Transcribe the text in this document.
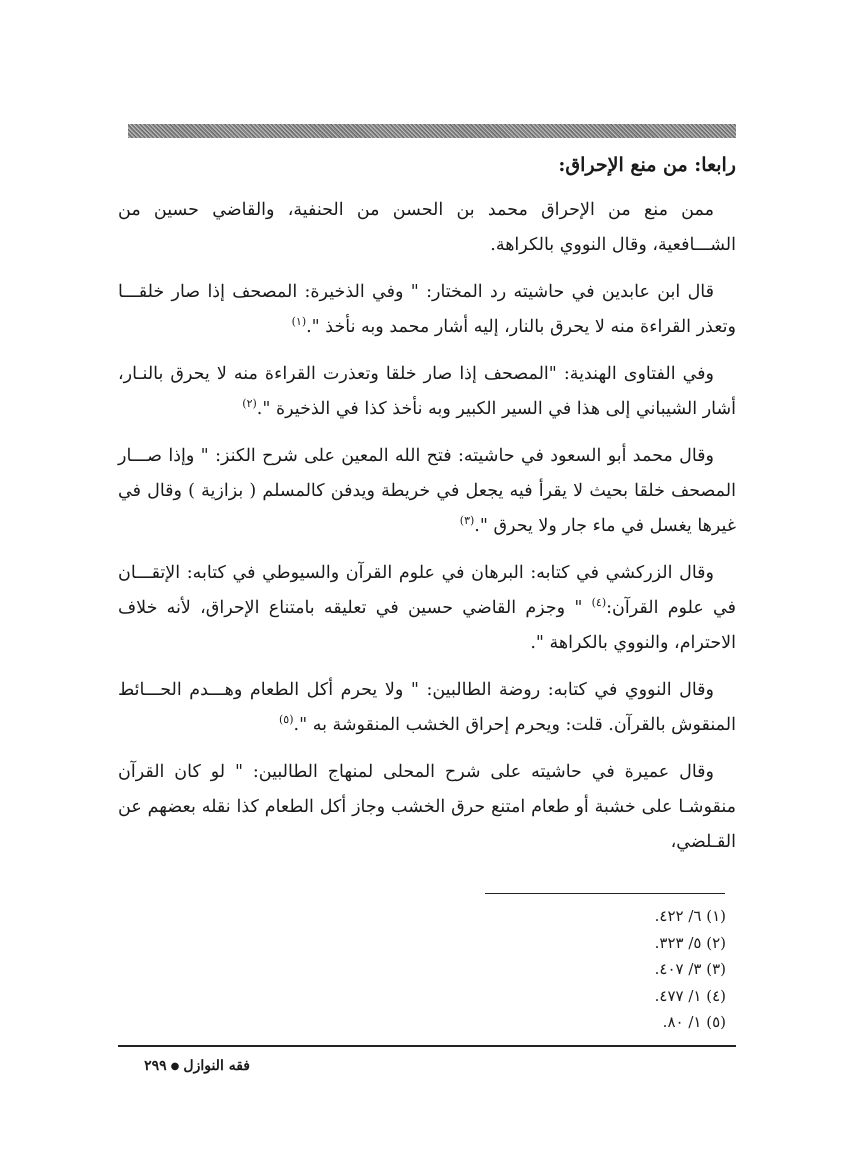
رابعا: من منع الإحراق:

ممن منع من الإحراق محمد بن الحسن من الحنفية، والقاضي حسين من الشـــافعية، وقال النووي بالكراهة.

قال ابن عابدين في حاشيته رد المختار: " وفي الذخيرة: المصحف إذا صار خلقـــا وتعذر القراءة منه لا يحرق بالنار، إليه أشار محمد وبه نأخذ ".$^{(١)}$

وفي الفتاوى الهندية: "المصحف إذا صار خلقا وتعذرت القراءة منه لا يحرق بالنـار، أشار الشيباني إلى هذا في السير الكبير وبه نأخذ كذا في الذخيرة ".$^{(٢)}$

وقال محمد أبو السعود في حاشيته: فتح الله المعين على شرح الكنز: " وإذا صـــار المصحف خلقا بحيث لا يقرأ فيه يجعل في خريطة ويدفن كالمسلم ( بزازية ) وقال في غيرها يغسل في ماء جار ولا يحرق ".$^{(٣)}$

وقال الزركشي في كتابه: البرهان في علوم القرآن والسيوطي في كتابه: الإتقـــان في علوم القرآن:$^{(٤)}$ " وجزم القاضي حسين في تعليقه بامتناع الإحراق، لأنه خلاف الاحترام، والنووي بالكراهة ".

وقال النووي في كتابه: روضة الطالبين: " ولا يحرم أكل الطعام وهـــدم الحـــائط المنقوش بالقرآن. قلت: ويحرم إحراق الخشب المنقوشة به ".$^{(٥)}$

وقال عميرة في حاشيته على شرح المحلى لمنهاج الطالبين: " لو كان القرآن منقوشـا على خشبة أو طعام امتنع حرق الخشب وجاز أكل الطعام كذا نقله بعضهم عن القـلضي،

(١) ٦/ ٤٢٢.

(٢) ٥/ ٣٢٣.

(٣) ٣/ ٤٠٧.

(٤) ١/ ٤٧٧.

(٥) ١/ ٨٠.

فقه النوازل●٢٩٩
